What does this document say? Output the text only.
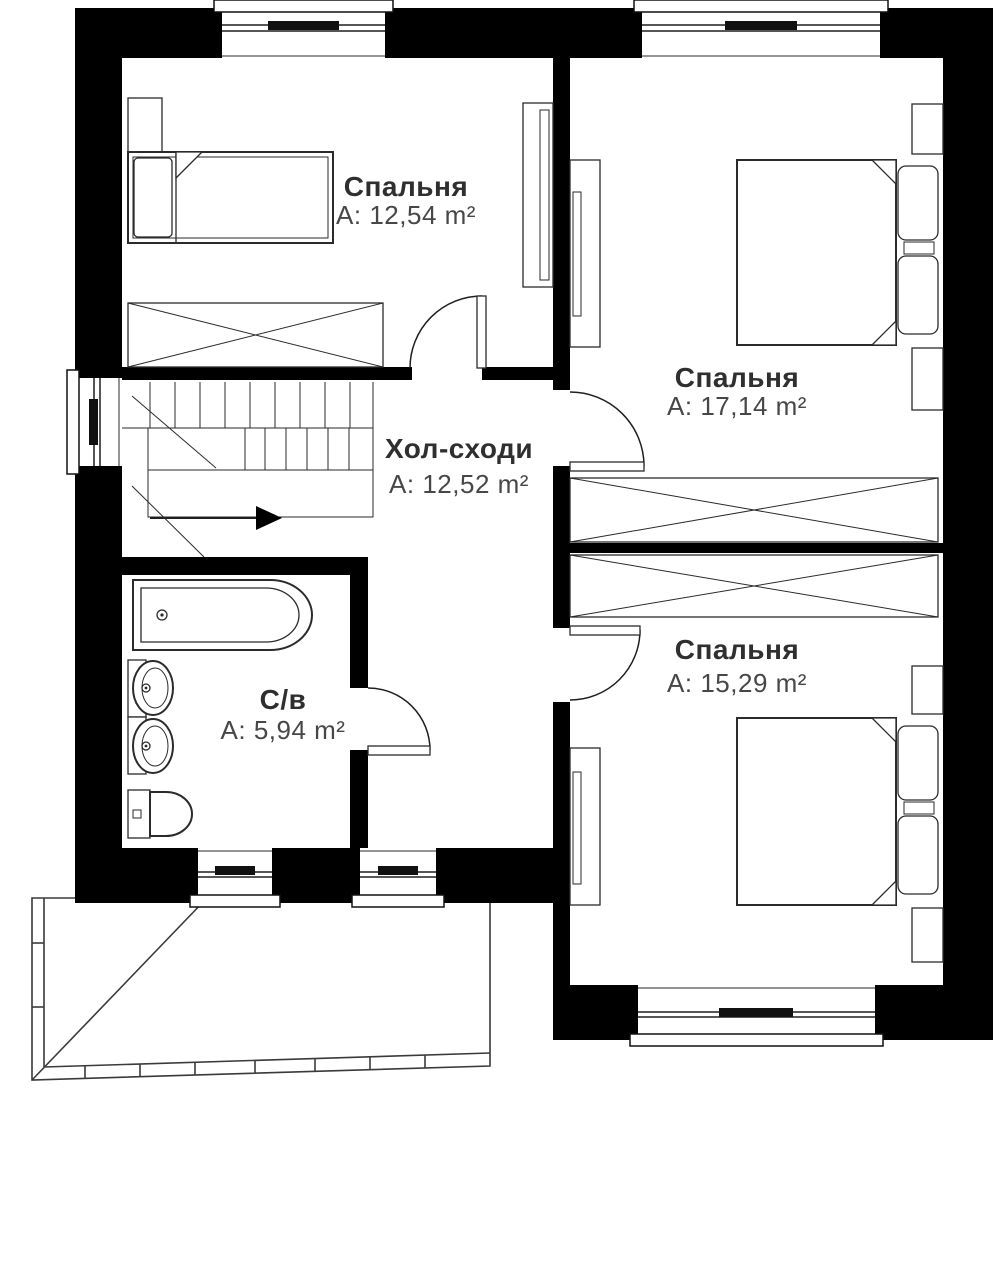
Спальня
A: 12,54 m²
Спальня
A: 17,14 m²
Хол-сходи
A: 12,52 m²
С/в
A: 5,94 m²
Спальня
A: 15,29 m²
